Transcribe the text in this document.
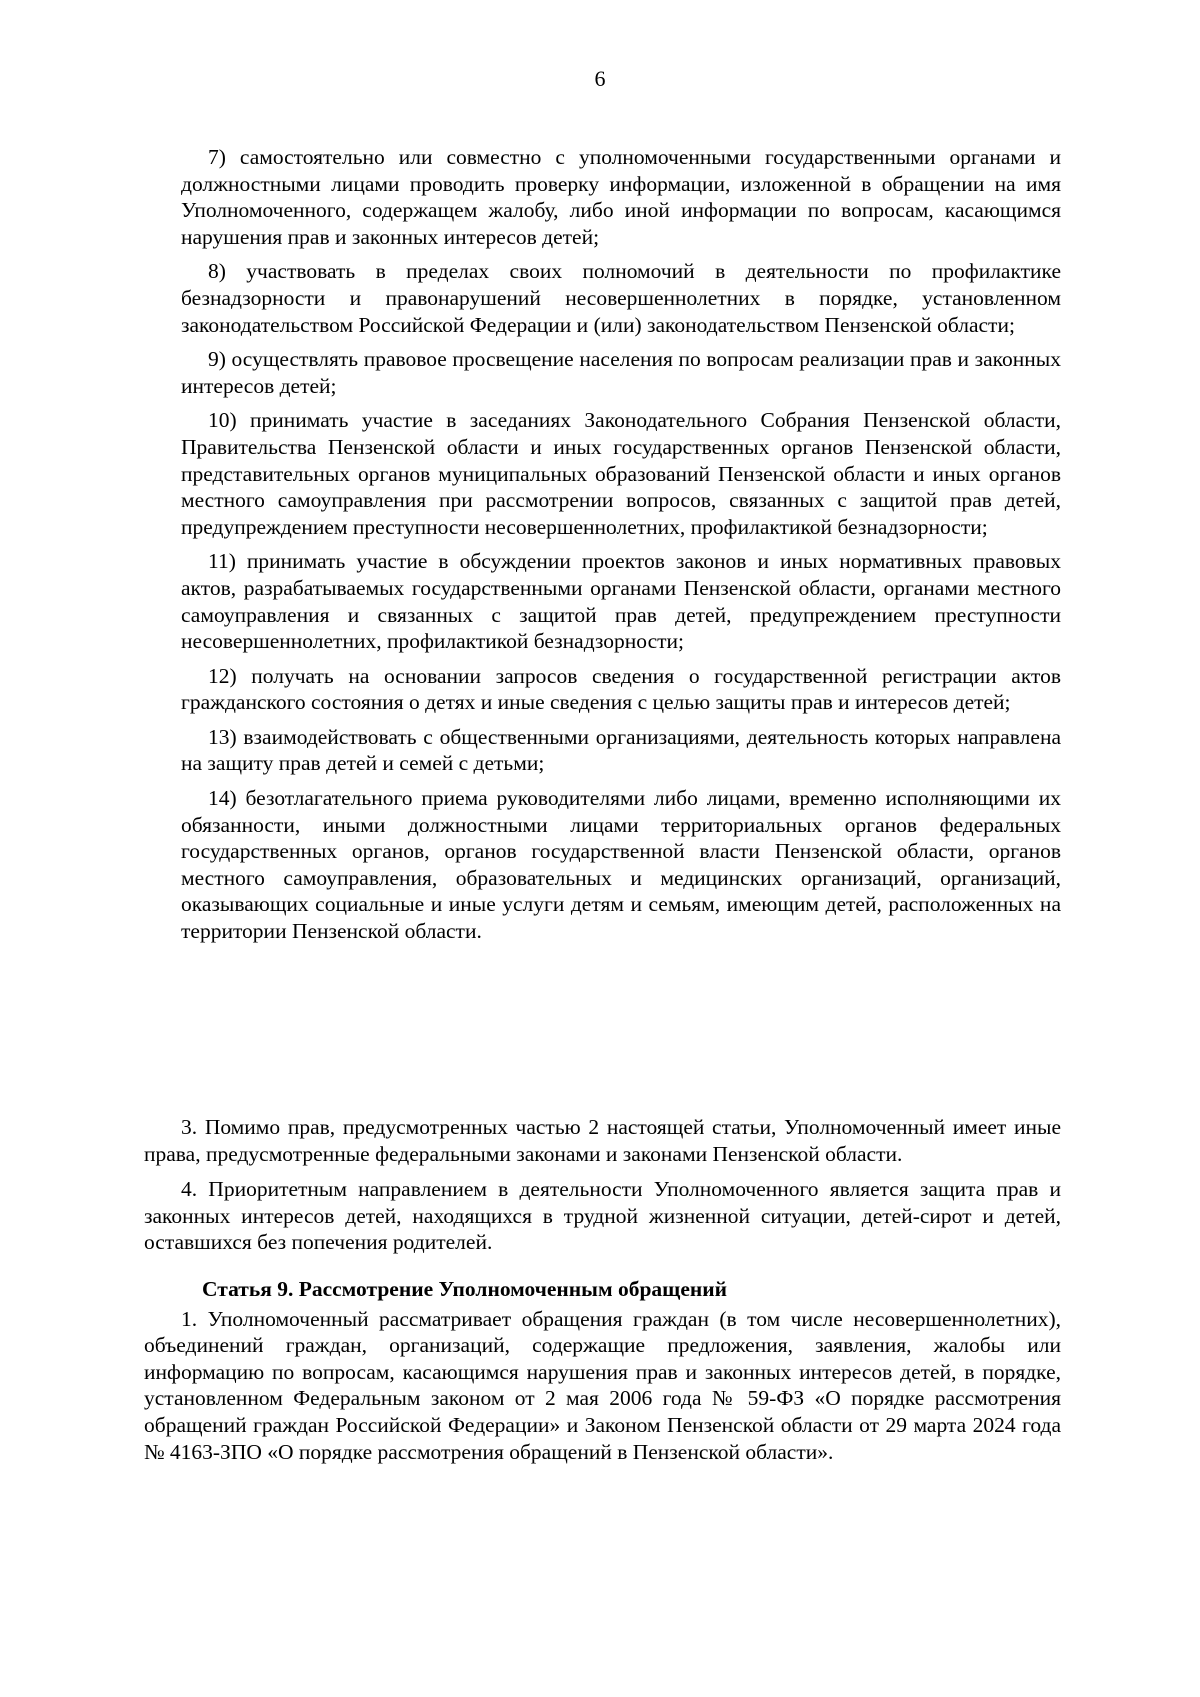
6

7) самостоятельно или совместно с уполномоченными государственными органами и должностными лицами проводить проверку информации, изложенной в обращении на имя Уполномоченного, содержащем жалобу, либо иной информации по вопросам, касающимся нарушения прав и законных интересов детей;

8) участвовать в пределах своих полномочий в деятельности по профилактике безнадзорности и правонарушений несовершеннолетних в порядке, установленном законодательством Российской Федерации и (или) законодательством Пензенской области;

9) осуществлять правовое просвещение населения по вопросам реализации прав и законных интересов детей;

10) принимать участие в заседаниях Законодательного Собрания Пензенской области, Правительства Пензенской области и иных государственных органов Пензенской области, представительных органов муниципальных образований Пензенской области и иных органов местного самоуправления при рассмотрении вопросов, связанных с защитой прав детей, предупреждением преступности несовершеннолетних, профилактикой безнадзорности;

11) принимать участие в обсуждении проектов законов и иных нормативных правовых актов, разрабатываемых государственными органами Пензенской области, органами местного самоуправления и связанных с защитой прав детей, предупреждением преступности несовершеннолетних, профилактикой безнадзорности;

12) получать на основании запросов сведения о государственной регистрации актов гражданского состояния о детях и иные сведения с целью защиты прав и интересов детей;

13) взаимодействовать с общественными организациями, деятельность которых направлена на защиту прав детей и семей с детьми;

14) безотлагательного приема руководителями либо лицами, временно исполняющими их обязанности, иными должностными лицами территориальных органов федеральных государственных органов, органов государственной власти Пензенской области, органов местного самоуправления, образовательных и медицинских организаций, организаций, оказывающих социальные и иные услуги детям и семьям, имеющим детей, расположенных на территории Пензенской области.

3. Помимо прав, предусмотренных частью 2 настоящей статьи, Уполномоченный имеет иные права, предусмотренные федеральными законами и законами Пензенской области.

4. Приоритетным направлением в деятельности Уполномоченного является защита прав и законных интересов детей, находящихся в трудной жизненной ситуации, детей-сирот и детей, оставшихся без попечения родителей.

Статья 9. Рассмотрение Уполномоченным обращений

1. Уполномоченный рассматривает обращения граждан (в том числе несовершеннолетних), объединений граждан, организаций, содержащие предложения, заявления, жалобы или информацию по вопросам, касающимся нарушения прав и законных интересов детей, в порядке, установленном Федеральным законом от 2 мая 2006 года № 59-ФЗ «О порядке рассмотрения обращений граждан Российской Федерации» и Законом Пензенской области от 29 марта 2024 года № 4163-ЗПО «О порядке рассмотрения обращений в Пензенской области».
